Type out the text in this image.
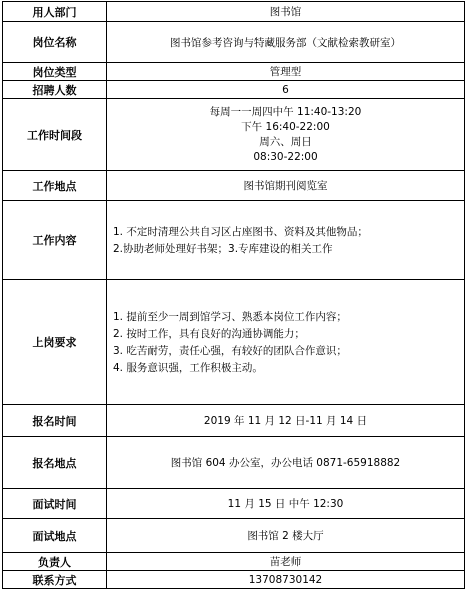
用人部门	图书馆
岗位名称	图书馆参考咨询与特藏服务部（文献检索教研室）
岗位类型	管理型
招聘人数	6
工作时间段	每周一一周四中午 11:40-13:20
下午 16:40-22:00
周六、周日
08:30-22:00

工作地点	图书馆期刊阅览室
工作内容	1. 不定时清理公共自习区占座图书、资料及其他物品；
2.协助老师处理好书架；3.专库建设的相关工作

上岗要求	1. 提前至少一周到馆学习、熟悉本岗位工作内容；
2. 按时工作，具有良好的沟通协调能力；
3. 吃苦耐劳，责任心强，有较好的团队合作意识；
4. 服务意识强，工作积极主动。

报名时间	2019 年 11 月 12 日-11 月 14 日
报名地点	图书馆 604 办公室，办公电话 0871-65918882
面试时间	11 月 15 日 中午 12:30
面试地点	图书馆 2 楼大厅
负责人	苗老师
联系方式	13708730142
